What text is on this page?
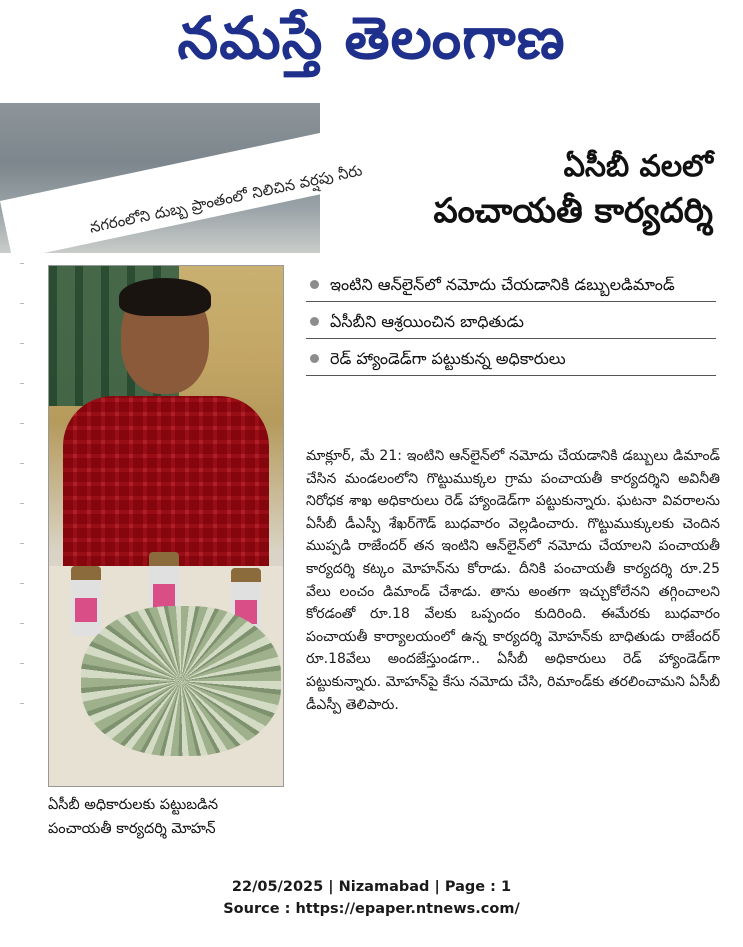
నమస్తే తెలంగాణ
నగరంలోని దుబ్బ ప్రాంతంలో నిలిచిన వర్షపు నీరు	ఏసీబీ వలలో
పంచాయతీ కార్యదర్శి
ఇంటిని ఆన్‌లైన్‌లో నమోదు చేయడానికి డబ్బులడిమాండ్
ఏసీబీని ఆశ్రయించిన బాధితుడు
రెడ్ హ్యాండెడ్‌గా పట్టుకున్న అధికారులు
ఏసీబీ అధికారులకు పట్టుబడిన
పంచాయతీ కార్యదర్శి మోహన్
మాక్లూర్, మే 21: ఇంటిని ఆన్‌లైన్‌లో నమోదు చేయడానికి డబ్బులు డిమాండ్ చేసిన మండలంలోని గొట్టుముక్కల గ్రామ పంచాయతీ కార్యదర్శిని అవినీతి నిరోధక శాఖ అధికారులు రెడ్ హ్యాండెడ్‌గా పట్టుకున్నారు. ఘటనా వివరాలను ఏసీబీ డీఎస్పీ శేఖర్‌గౌడ్ బుధవారం వెల్లడించారు. గొట్టుముక్కులకు చెందిన ముప్పడి రాజేందర్ తన ఇంటిని ఆన్‌లైన్‌లో నమోదు చేయాలని పంచాయతీ కార్యదర్శి కట్కం మోహన్‌ను కోరాడు. దీనికి పంచాయతీ కార్యదర్శి రూ.25 వేలు లంచం డిమాండ్ చేశాడు. తాను అంతగా ఇచ్చుకోలేనని తగ్గించాలని కోరడంతో రూ.18 వేలకు ఒప్పందం కుదిరింది. ఈమేరకు బుధవారం పంచాయతీ కార్యాలయంలో ఉన్న కార్యదర్శి మోహన్‌కు బాధితుడు రాజేందర్ రూ.18వేలు అందజేస్తుండగా.. ఏసీబీ అధికారులు రెడ్ హ్యాండెడ్‌గా పట్టుకున్నారు. మోహన్‌పై కేసు నమోదు చేసి, రిమాండ్‌కు తరలించామని ఏసీబీ డీఎస్పీ తెలిపారు.
22/05/2025 | Nizamabad | Page : 1
Source : https://epaper.ntnews.com/
